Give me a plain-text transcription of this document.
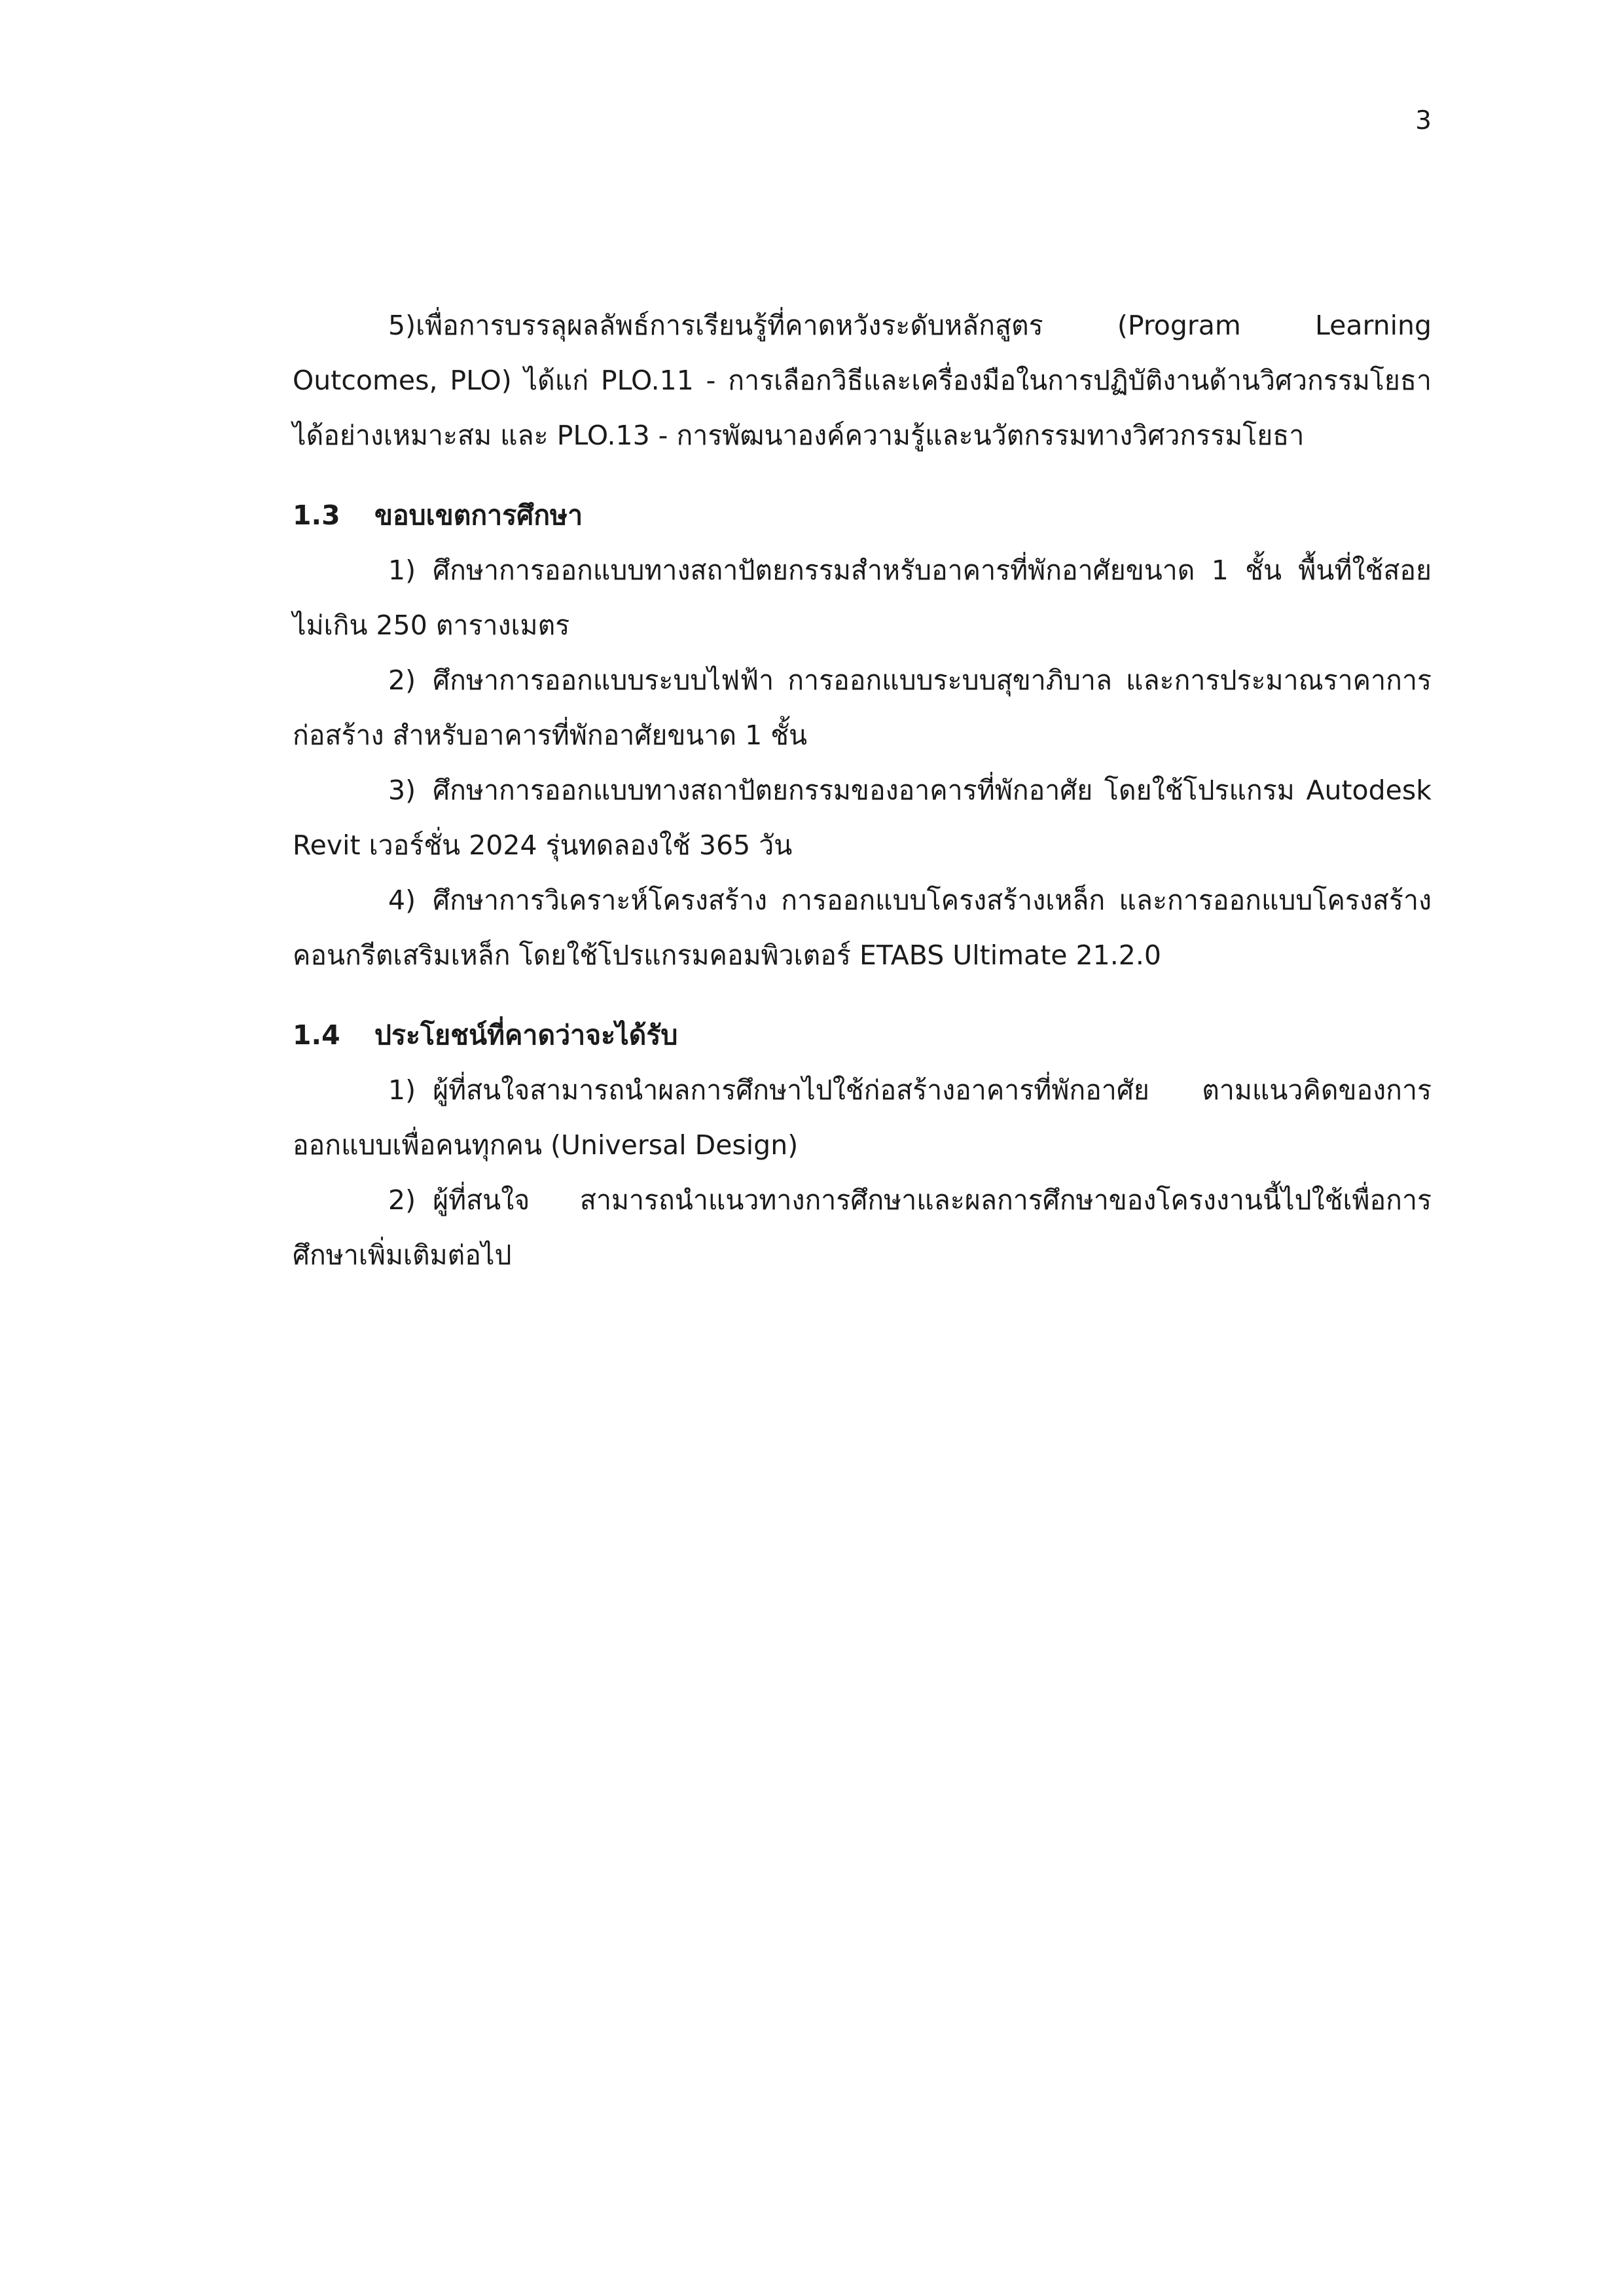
3

5)เพื่อการบรรลุผลลัพธ์การเรียนรู้ที่คาดหวังระดับหลักสูตร (Program Learning Outcomes, PLO) ได้แก่ PLO.11 - การเลือกวิธีและเครื่องมือในการปฏิบัติงานด้านวิศวกรรมโยธาได้อย่างเหมาะสม และ PLO.13 - การพัฒนาองค์ความรู้และนวัตกรรมทางวิศวกรรมโยธา

1.3	ขอบเขตการศึกษา

1) ศึกษาการออกแบบทางสถาปัตยกรรมสำหรับอาคารที่พักอาศัยขนาด 1 ชั้น พื้นที่ใช้สอยไม่เกิน 250 ตารางเมตร

2) ศึกษาการออกแบบระบบไฟฟ้า การออกแบบระบบสุขาภิบาล และการประมาณราคาการก่อสร้าง สำหรับอาคารที่พักอาศัยขนาด 1 ชั้น

3) ศึกษาการออกแบบทางสถาปัตยกรรมของอาคารที่พักอาศัย โดยใช้โปรแกรม Autodesk Revit เวอร์ชั่น 2024 รุ่นทดลองใช้ 365 วัน

4) ศึกษาการวิเคราะห์โครงสร้าง การออกแบบโครงสร้างเหล็ก และการออกแบบโครงสร้างคอนกรีตเสริมเหล็ก โดยใช้โปรแกรมคอมพิวเตอร์ ETABS Ultimate 21.2.0

1.4	ประโยชน์ที่คาดว่าจะได้รับ

1) ผู้ที่สนใจสามารถนำผลการศึกษาไปใช้ก่อสร้างอาคารที่พักอาศัย ตามแนวคิดของการออกแบบเพื่อคนทุกคน (Universal Design)

2) ผู้ที่สนใจ สามารถนำแนวทางการศึกษาและผลการศึกษาของโครงงานนี้ไปใช้เพื่อการศึกษาเพิ่มเติมต่อไป
